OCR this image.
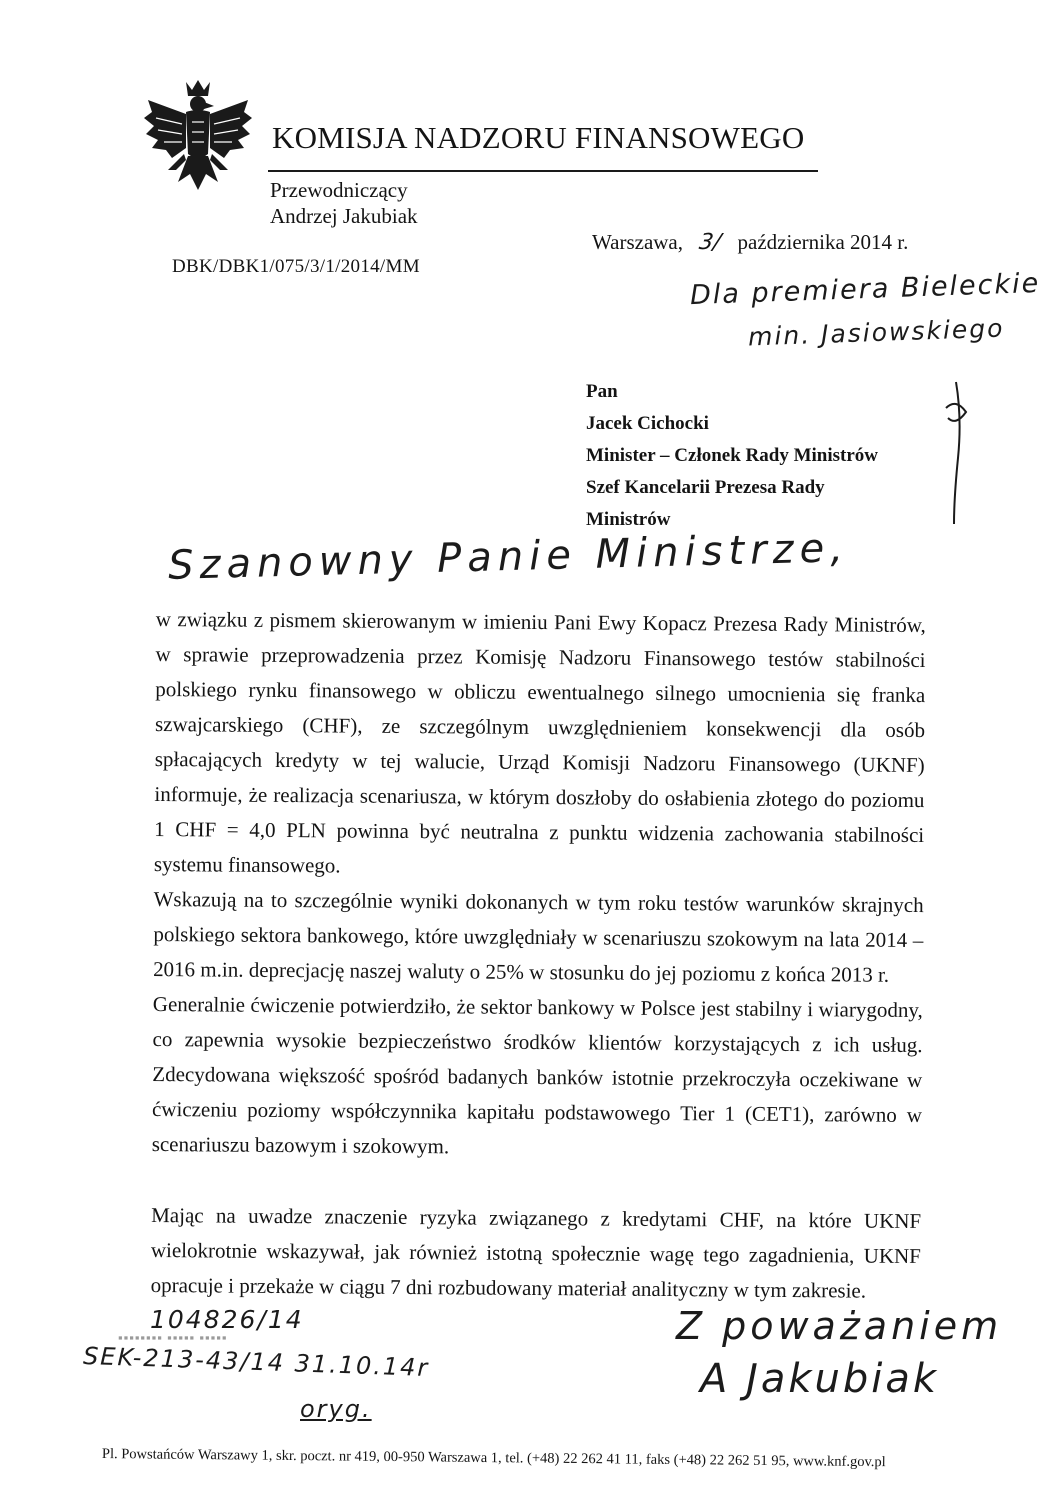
KOMISJA NADZORU FINANSOWEGO
Przewodniczący
Andrzej Jakubiak
DBK/DBK1/075/3/1/2014/MM
Warszawa, 3/ października 2014 r.
Dla premiera Bieleckie
min. Jasiowskiego
Pan
Jacek Cichocki
Minister – Członek Rady Ministrów
Szef Kancelarii Prezesa Rady
Ministrów
Szanowny Panie Ministrze,

w związku z pismem skierowanym w imieniu Pani Ewy Kopacz Prezesa Rady Ministrów, w sprawie przeprowadzenia przez Komisję Nadzoru Finansowego testów stabilności polskiego rynku finansowego w obliczu ewentualnego silnego umocnienia się franka szwajcarskiego (CHF), ze szczególnym uwzględnieniem konsekwencji dla osób spłacających kredyty w tej walucie, Urząd Komisji Nadzoru Finansowego (UKNF) informuje, że realizacja scenariusza, w którym doszłoby do osłabienia złotego do poziomu 1 CHF = 4,0 PLN powinna być neutralna z punktu widzenia zachowania stabilności systemu finansowego.

Wskazują na to szczególnie wyniki dokonanych w tym roku testów warunków skrajnych polskiego sektora bankowego, które uwzględniały w scenariuszu szokowym na lata 2014 – 2016 m.in. deprecjację naszej waluty o 25% w stosunku do jej poziomu z końca 2013 r.

Generalnie ćwiczenie potwierdziło, że sektor bankowy w Polsce jest stabilny i wiarygodny, co zapewnia wysokie bezpieczeństwo środków klientów korzystających z ich usług. Zdecydowana większość spośród badanych banków istotnie przekroczyła oczekiwane w ćwiczeniu poziomy współczynnika kapitału podstawowego Tier 1 (CET1), zarówno w scenariuszu bazowym i szokowym.

Mając na uwadze znaczenie ryzyka związanego z kredytami CHF, na które UKNF wielokrotnie wskazywał, jak również istotną społecznie wagę tego zagadnienia, UKNF opracuje i przekaże w ciągu 7 dni rozbudowany materiał analityczny w tym zakresie.

▪▪▪▪▪▪▪▪ ▪▪▪▪▪ ▪▪▪▪▪
104826/14
SEK-213-43/14 31.10.14r
oryg.
Z poważaniem
A Jakubiak
Pl. Powstańców Warszawy 1, skr. poczt. nr 419, 00-950 Warszawa 1, tel. (+48) 22 262 41 11, faks (+48) 22 262 51 95, www.knf.gov.pl
